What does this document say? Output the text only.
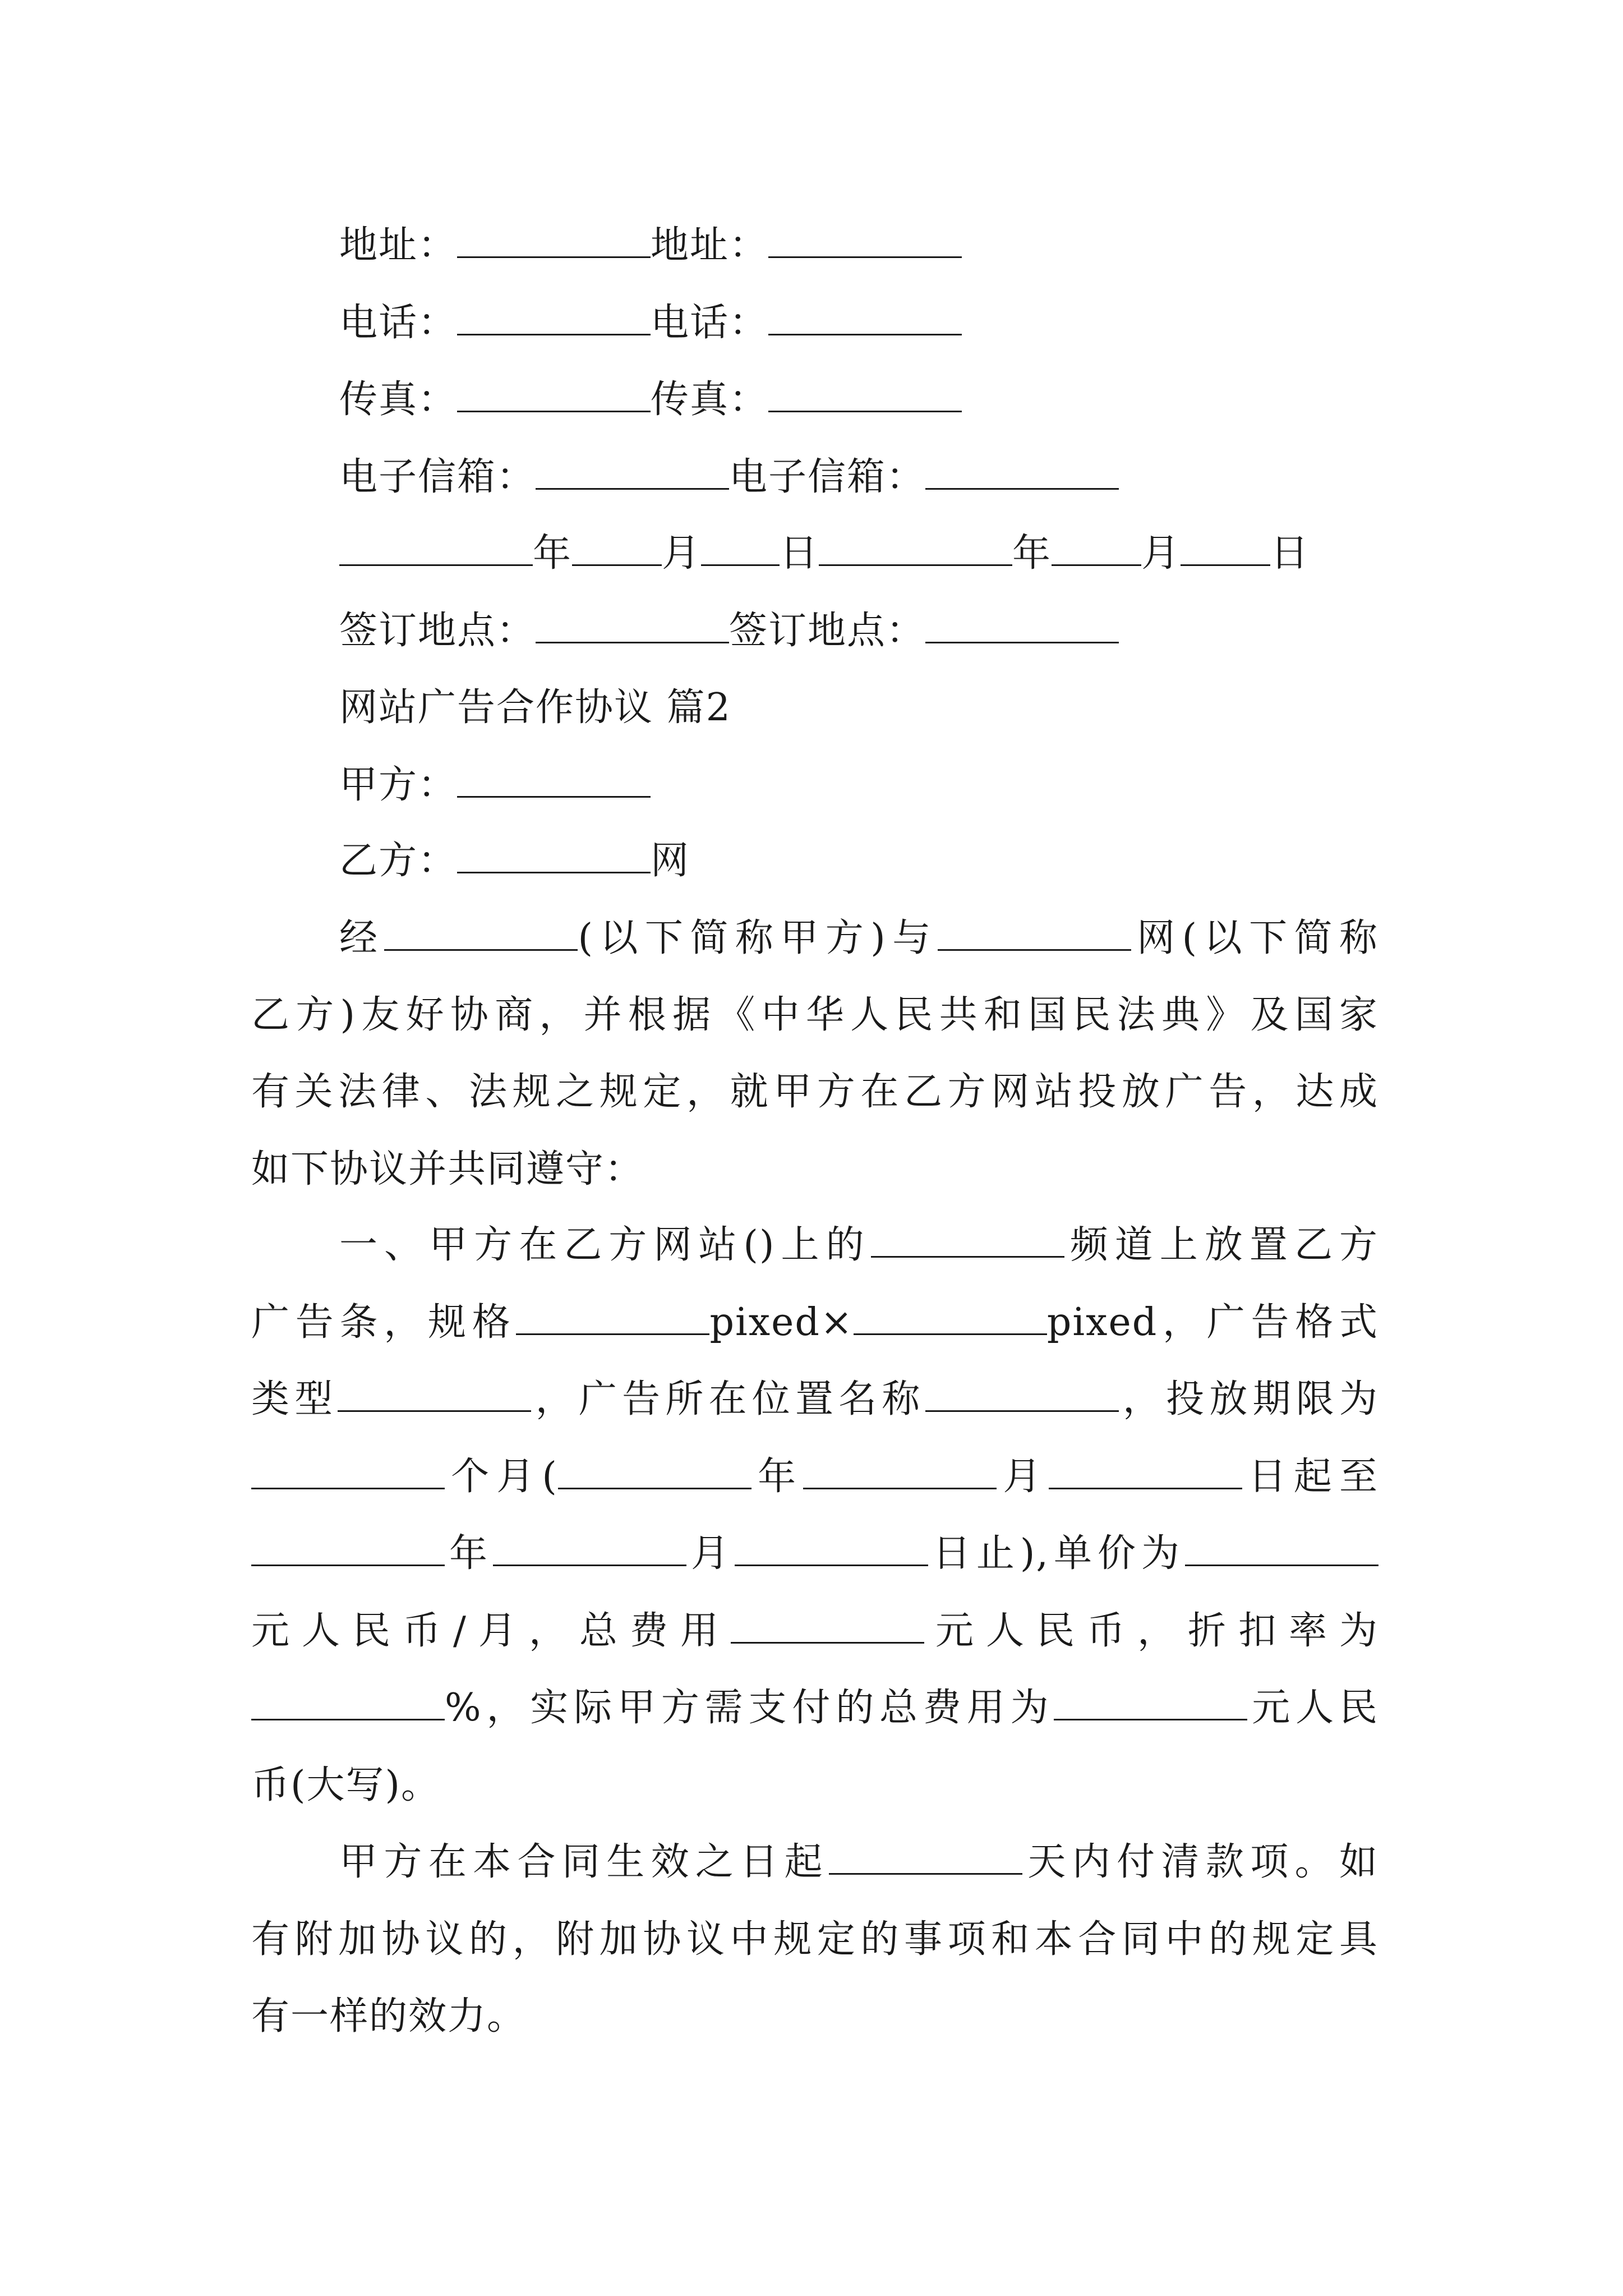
地址：	地址：
电话：	电话：
传真：	传真：
电子信箱：	电子信箱：
年 月 日	年 月 日
签订地点：	签订地点：
网站广告合作协议 篇2
甲方：
乙方：	网
经	(以下简称甲方)与	网(以下简称
乙方)友好协商，并根据《中华人民共和国民法典》及国家
有关法律、法规之规定，就甲方在乙方网站投放广告，达成
如下协议并共同遵守：
一、甲方在乙方网站()上的	频道上放置乙方
广告条，规格	pixed×	pixed，广告格式
类型	，广告所在位置名称	，投放期限为
个月(	年	月	日起至
年	月	日止),单价为
元人民币/月，总费用	元人民币，折扣率为
%，实际甲方需支付的总费用为	元人民
币(大写)。
甲方在本合同生效之日起	天内付清款项。如
有附加协议的，附加协议中规定的事项和本合同中的规定具
有一样的效力。
